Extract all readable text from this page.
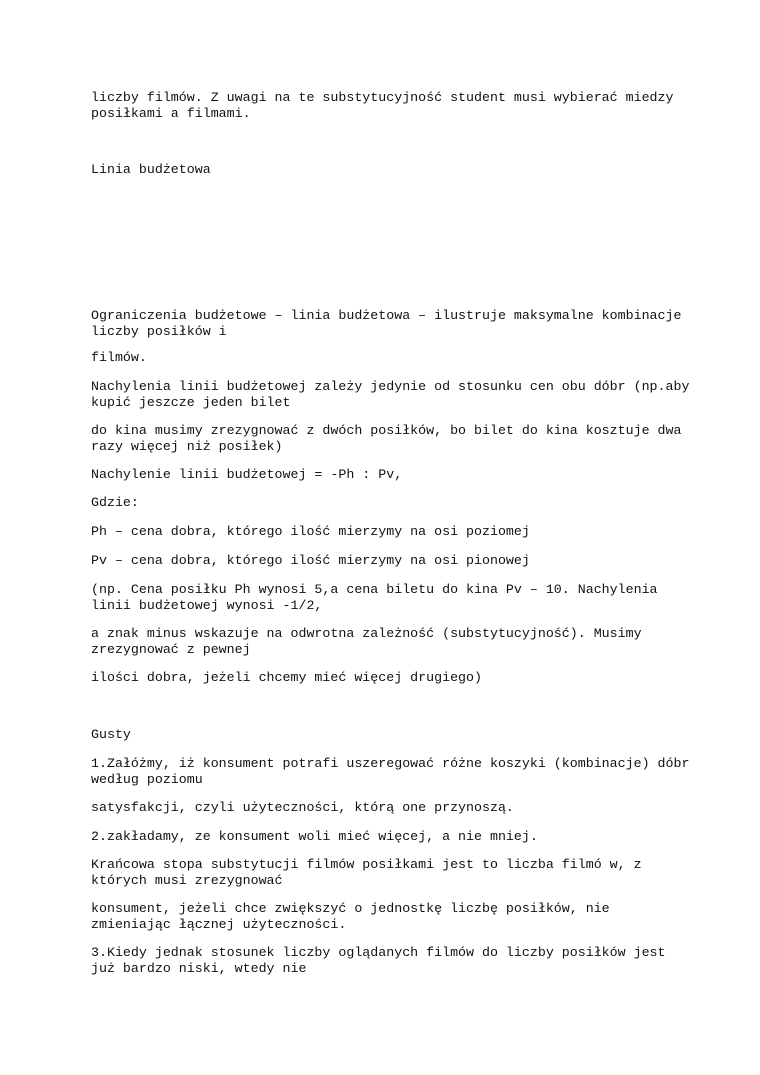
liczby filmów. Z uwagi na te substytucyjność student musi wybierać miedzy
posiłkami a filmami.

Linia budżetowa

Ograniczenia budżetowe – linia budżetowa – ilustruje maksymalne kombinacje
liczby posiłków i

filmów.

Nachylenia linii budżetowej zależy jedynie od stosunku cen obu dóbr (np.aby
kupić jeszcze jeden bilet

do kina musimy zrezygnować z dwóch posiłków, bo bilet do kina kosztuje dwa
razy więcej niż posiłek)

Nachylenie linii budżetowej = -Ph : Pv,

Gdzie:

Ph – cena dobra, którego ilość mierzymy na osi poziomej

Pv – cena dobra, którego ilość mierzymy na osi pionowej

(np. Cena posiłku Ph wynosi 5,a cena biletu do kina Pv – 10. Nachylenia
linii budżetowej wynosi -1/2,

a znak minus wskazuje na odwrotna zależność (substytucyjność). Musimy
zrezygnować z pewnej

ilości dobra, jeżeli chcemy mieć więcej drugiego)

Gusty

1.Załóżmy, iż konsument potrafi uszeregować różne koszyki (kombinacje) dóbr
według poziomu

satysfakcji, czyli użyteczności, którą one przynoszą.

2.zakładamy, ze konsument woli mieć więcej, a nie mniej.

Krańcowa stopa substytucji filmów posiłkami jest to liczba filmó w, z
których musi zrezygnować

konsument, jeżeli chce zwiększyć o jednostkę liczbę posiłków, nie
zmieniając łącznej użyteczności.

3.Kiedy jednak stosunek liczby oglądanych filmów do liczby posiłków jest
już bardzo niski, wtedy nie
